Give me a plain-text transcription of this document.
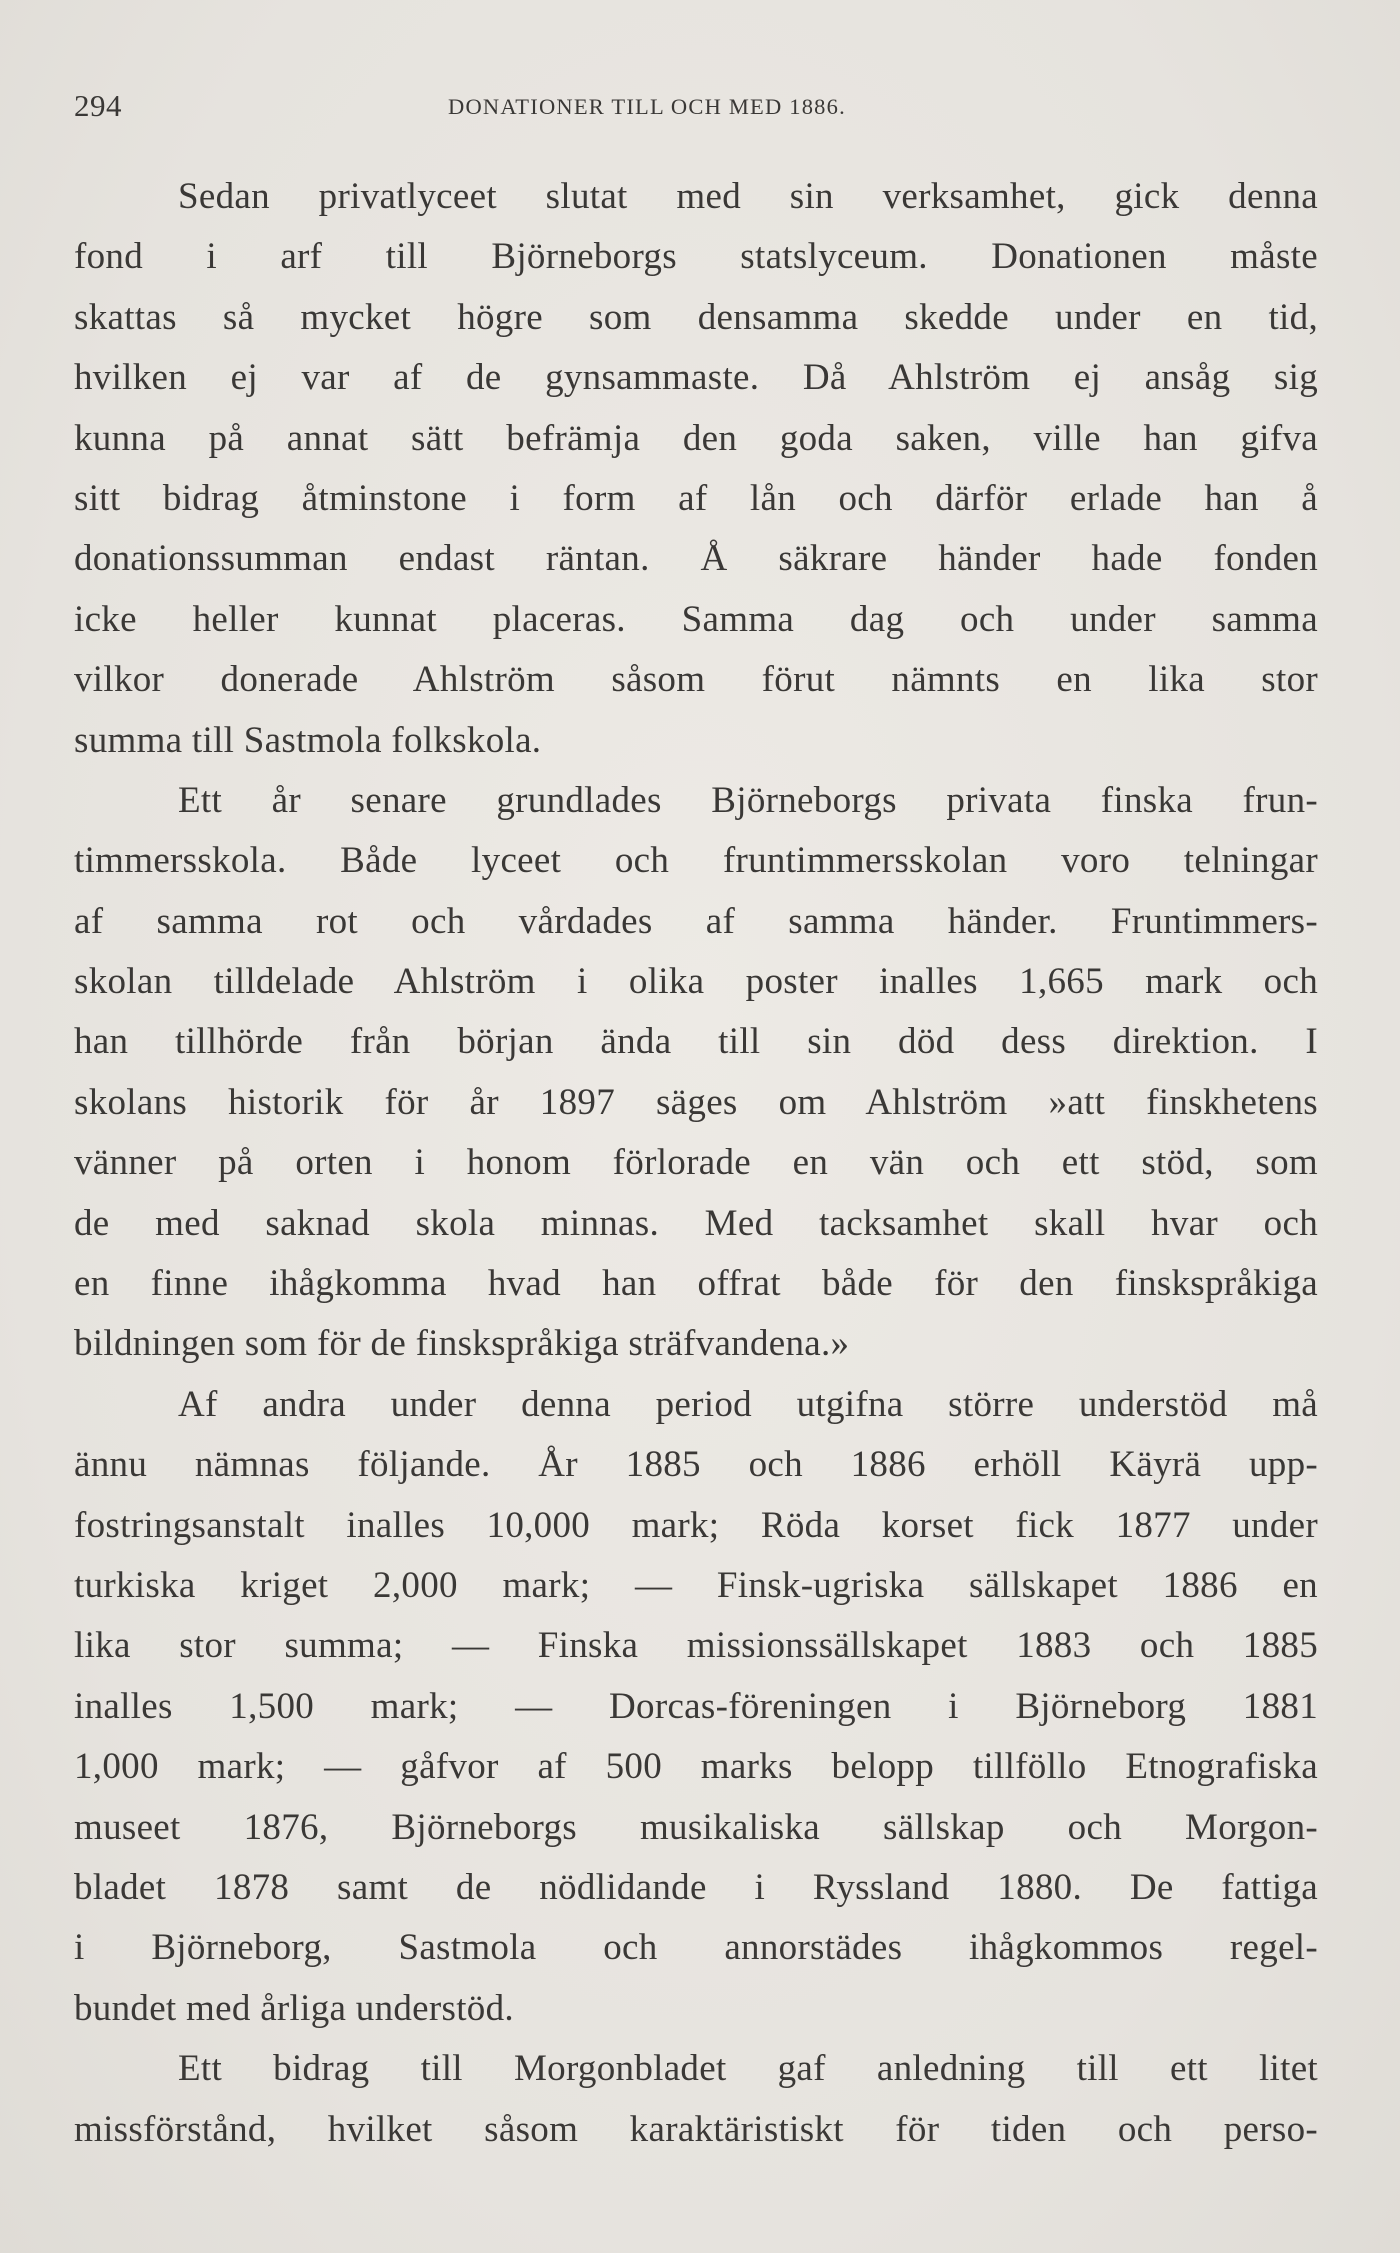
294	DONATIONER TILL OCH MED 1886.
Sedan privatlyceet slutat med sin verksamhet, gick denna
fond i arf till Björneborgs statslyceum. Donationen måste
skattas så mycket högre som densamma skedde under en tid,
hvilken ej var af de gynsammaste. Då Ahlström ej ansåg sig
kunna på annat sätt befrämja den goda saken, ville han gifva
sitt bidrag åtminstone i form af lån och därför erlade han å
donationssumman endast räntan. Å säkrare händer hade fonden
icke heller kunnat placeras. Samma dag och under samma
vilkor donerade Ahlström såsom förut nämnts en lika stor
summa till Sastmola folkskola.
Ett år senare grundlades Björneborgs privata finska frun-
timmersskola. Både lyceet och fruntimmersskolan voro telningar
af samma rot och vårdades af samma händer. Fruntimmers-
skolan tilldelade Ahlström i olika poster inalles 1,665 mark och
han tillhörde från början ända till sin död dess direktion. I
skolans historik för år 1897 säges om Ahlström »att finskhetens
vänner på orten i honom förlorade en vän och ett stöd, som
de med saknad skola minnas. Med tacksamhet skall hvar och
en finne ihågkomma hvad han offrat både för den finskspråkiga
bildningen som för de finskspråkiga sträfvandena.»
Af andra under denna period utgifna större understöd må
ännu nämnas följande. År 1885 och 1886 erhöll Käyrä upp-
fostringsanstalt inalles 10,000 mark; Röda korset fick 1877 under
turkiska kriget 2,000 mark; — Finsk-ugriska sällskapet 1886 en
lika stor summa; — Finska missionssällskapet 1883 och 1885
inalles 1,500 mark; — Dorcas-föreningen i Björneborg 1881
1,000 mark; — gåfvor af 500 marks belopp tillföllo Etnografiska
museet 1876, Björneborgs musikaliska sällskap och Morgon-
bladet 1878 samt de nödlidande i Ryssland 1880. De fattiga
i Björneborg, Sastmola och annorstädes ihågkommos regel-
bundet med årliga understöd.
Ett bidrag till Morgonbladet gaf anledning till ett litet
missförstånd, hvilket såsom karaktäristiskt för tiden och perso-
